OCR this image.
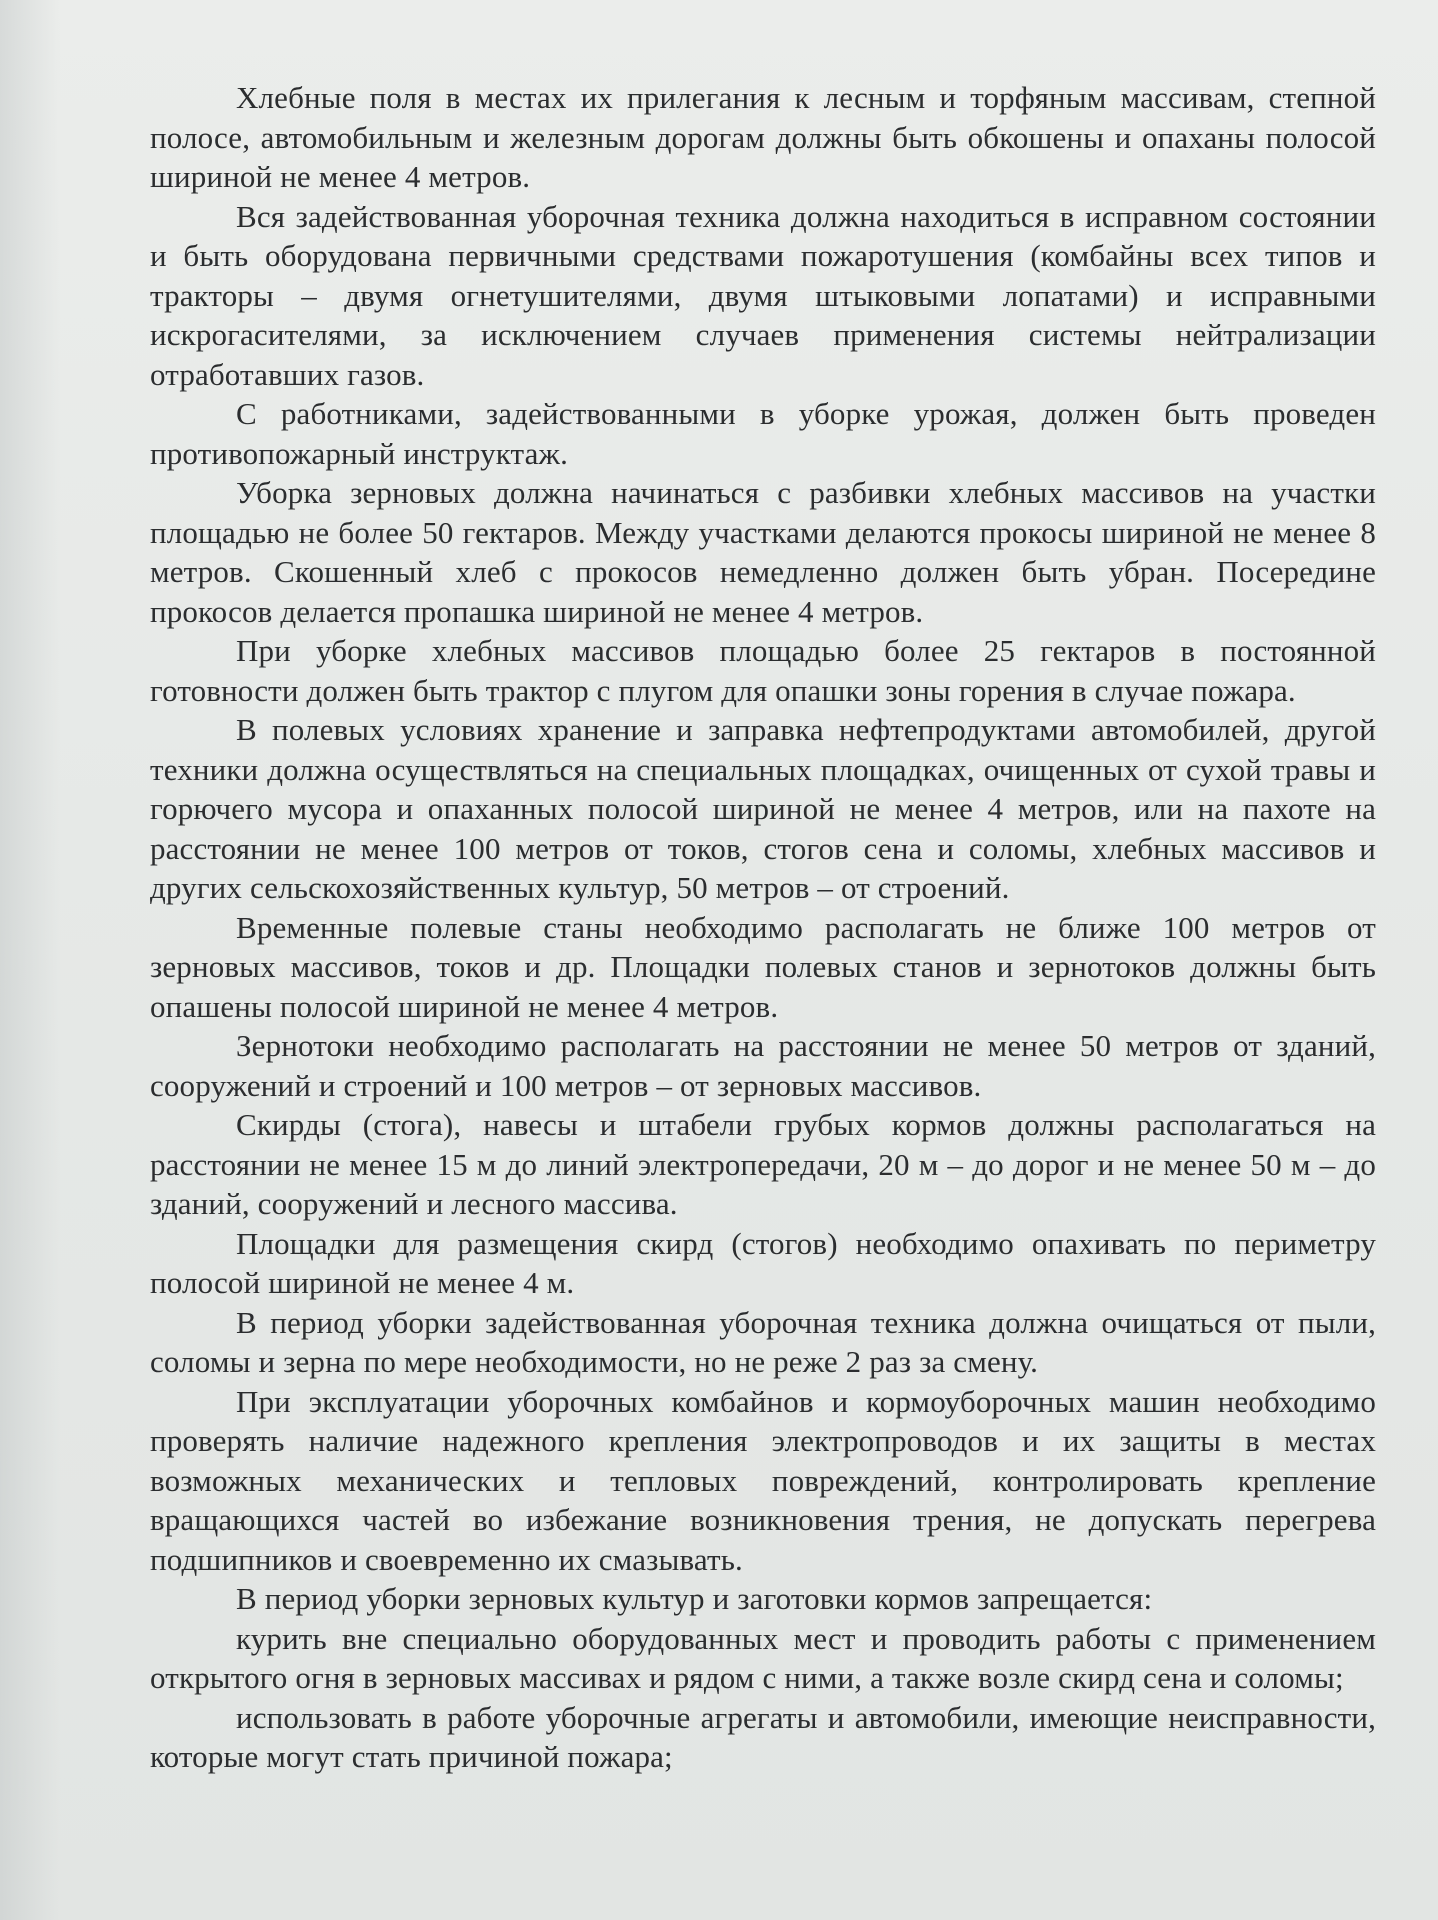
Хлебные поля в местах их прилегания к лесным и торфяным массивам, степной полосе, автомобильным и железным дорогам должны быть обкошены и опаханы полосой шириной не менее 4 метров.

Вся задействованная уборочная техника должна находиться в исправном состоянии и быть оборудована первичными средствами пожаротушения (комбайны всех типов и тракторы – двумя огнетушителями, двумя штыковыми лопатами) и исправными искрогасителями, за исключением случаев применения системы нейтрализации отработавших газов.

С работниками, задействованными в уборке урожая, должен быть проведен противопожарный инструктаж.

Уборка зерновых должна начинаться с разбивки хлебных массивов на участки площадью не более 50 гектаров. Между участками делаются прокосы шириной не менее 8 метров. Скошенный хлеб с прокосов немедленно должен быть убран. Посередине прокосов делается пропашка шириной не менее 4 метров.

При уборке хлебных массивов площадью более 25 гектаров в постоянной готовности должен быть трактор с плугом для опашки зоны горения в случае пожара.

В полевых условиях хранение и заправка нефтепродуктами автомобилей, другой техники должна осуществляться на специальных площадках, очищенных от сухой травы и горючего мусора и опаханных полосой шириной не менее 4 метров, или на пахоте на расстоянии не менее 100 метров от токов, стогов сена и соломы, хлебных массивов и других сельскохозяйственных культур, 50 метров – от строений.

Временные полевые станы необходимо располагать не ближе 100 метров от зерновых массивов, токов и др. Площадки полевых станов и зернотоков должны быть опашены полосой шириной не менее 4 метров.

Зернотоки необходимо располагать на расстоянии не менее 50 метров от зданий, сооружений и строений и 100 метров – от зерновых массивов.

Скирды (стога), навесы и штабели грубых кормов должны располагаться на расстоянии не менее 15 м до линий электропередачи, 20 м – до дорог и не менее 50 м – до зданий, сооружений и лесного массива.

Площадки для размещения скирд (стогов) необходимо опахивать по периметру полосой шириной не менее 4 м.

В период уборки задействованная уборочная техника должна очищаться от пыли, соломы и зерна по мере необходимости, но не реже 2 раз за смену.

При эксплуатации уборочных комбайнов и кормоуборочных машин необходимо проверять наличие надежного крепления электропроводов и их защиты в местах возможных механических и тепловых повреждений, контролировать крепление вращающихся частей во избежание возникновения трения, не допускать перегрева подшипников и своевременно их смазывать.

В период уборки зерновых культур и заготовки кормов запрещается:

курить вне специально оборудованных мест и проводить работы с применением открытого огня в зерновых массивах и рядом с ними, а также возле скирд сена и соломы;

использовать в работе уборочные агрегаты и автомобили, имеющие неисправности, которые могут стать причиной пожара;
